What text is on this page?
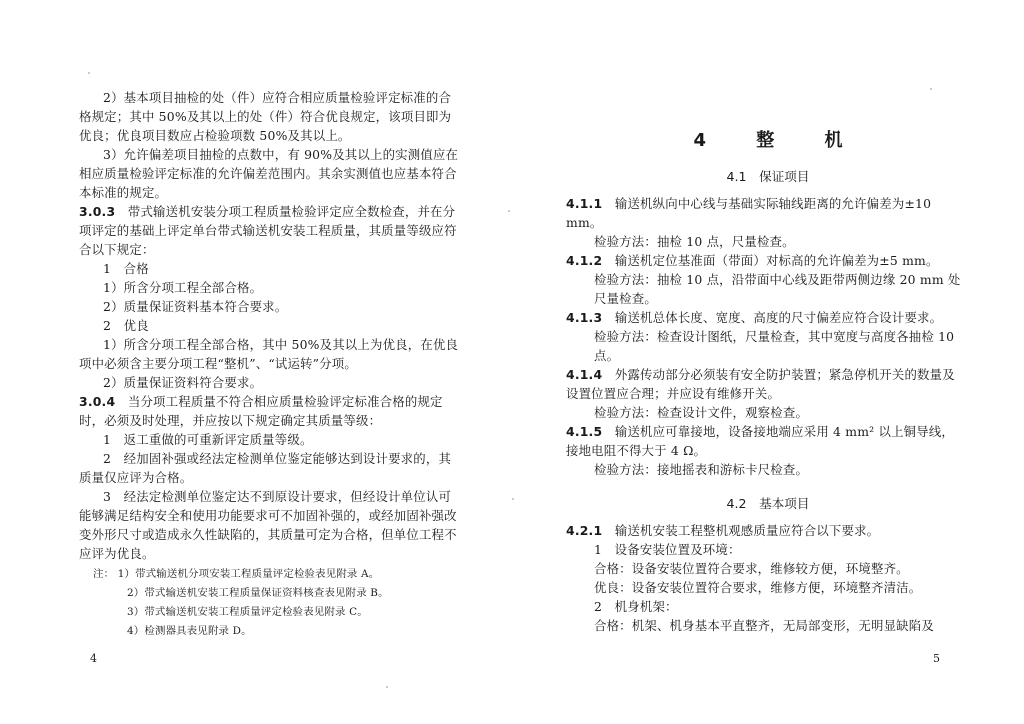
2）基本项目抽检的处（件）应符合相应质量检验评定标准的合格规定；其中 50%及其以上的处（件）符合优良规定，该项目即为优良；优良项目数应占检验项数 50%及其以上。

3）允许偏差项目抽检的点数中，有 90%及其以上的实测值应在相应质量检验评定标准的允许偏差范围内。其余实测值也应基本符合本标准的规定。

3.0.3　 带式输送机安装分项工程质量检验评定应全数检查，并在分项评定的基础上评定单台带式输送机安装工程质量，其质量等级应符合以下规定：

1　合格

1）所含分项工程全部合格。

2）质量保证资料基本符合要求。

2　优良

1）所含分项工程全部合格，其中 50%及其以上为优良，在优良项中必须含主要分项工程“整机”、“试运转”分项。

2）质量保证资料符合要求。

3.0.4　 当分项工程质量不符合相应质量检验评定标准合格的规定时，必须及时处理，并应按以下规定确定其质量等级：

1　返工重做的可重新评定质量等级。

2　经加固补强或经法定检测单位鉴定能够达到设计要求的，其质量仅应评为合格。

3　经法定检测单位鉴定达不到原设计要求，但经设计单位认可能够满足结构安全和使用功能要求可不加固补强的，或经加固补强改变外形尺寸或造成永久性缺陷的，其质量可定为合格，但单位工程不应评为优良。

注： 1）带式输送机分项安装工程质量评定检验表见附录 A。

2）带式输送机安装工程质量保证资料核查表见附录 B。

3）带式输送机安装工程质量评定检验表见附录 C。

4）检测器具表见附录 D。

4
4 整 机
4.1　保证项目

4.1.1　 输送机纵向中心线与基础实际轴线距离的允许偏差为±10 mm。

检验方法：抽检 10 点，尺量检查。

4.1.2　 输送机定位基准面（带面）对标高的允许偏差为±5 mm。

检验方法：抽检 10 点，沿带面中心线及距带两侧边缘 20 mm 处尺量检查。

4.1.3　 输送机总体长度、宽度、高度的尺寸偏差应符合设计要求。

检验方法：检查设计图纸，尺量检查，其中宽度与高度各抽检 10 点。

4.1.4　 外露传动部分必须装有安全防护装置；紧急停机开关的数量及设置位置应合理；并应设有维修开关。

检验方法：检查设计文件，观察检查。

4.1.5　 输送机应可靠接地，设备接地端应采用 4 mm² 以上铜导线，接地电阻不得大于 4 Ω。

检验方法：接地摇表和游标卡尺检查。

4.2　基本项目

4.2.1　 输送机安装工程整机观感质量应符合以下要求。

1　设备安装位置及环境：

合格：设备安装位置符合要求，维修较方便，环境整齐。

优良：设备安装位置符合要求，维修方便，环境整齐清洁。

2　机身机架：

合格：机架、机身基本平直整齐，无局部变形，无明显缺陷及

5
